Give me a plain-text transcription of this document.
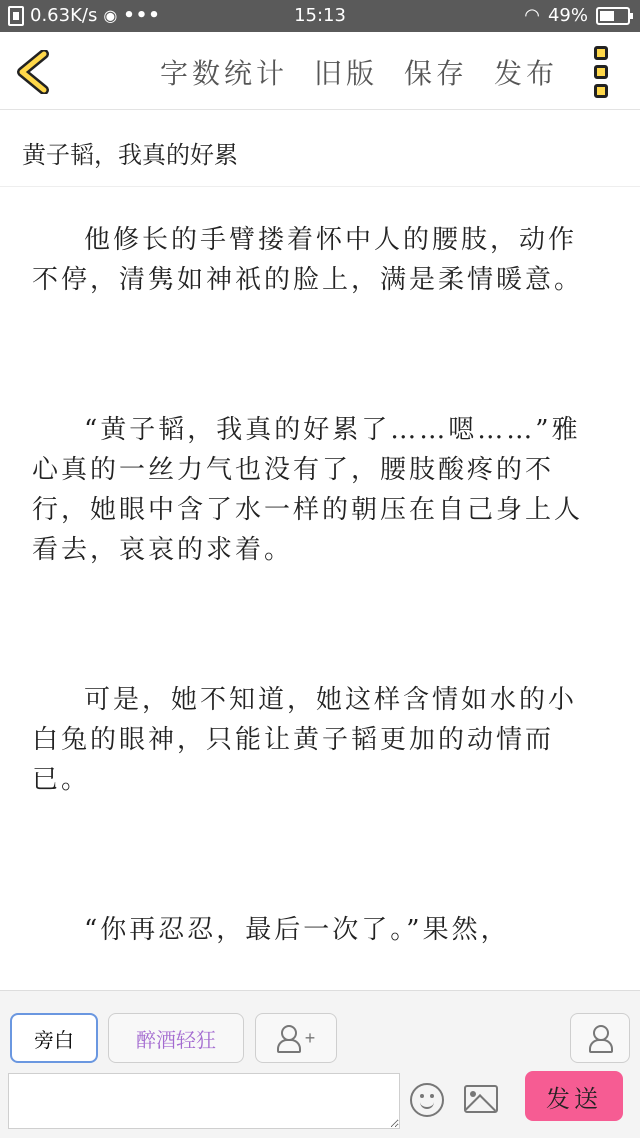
0.63K/s ◉ •••	15:13	◠ 49%
字数统计 旧版 保存 发布
黄子韬，我真的好累

他修长的手臂搂着怀中人的腰肢，动作不停，清隽如神祇的脸上，满是柔情暖意。

“黄子韬，我真的好累了……嗯……”雅心真的一丝力气也没有了，腰肢酸疼的不行，她眼中含了水一样的朝压在自己身上人看去，哀哀的求着。

可是，她不知道，她这样含情如水的小白兔的眼神，只能让黄子韬更加的动情而已。

“你再忍忍，最后一次了。”果然，

旁白	醉酒轻狂	+
发送
